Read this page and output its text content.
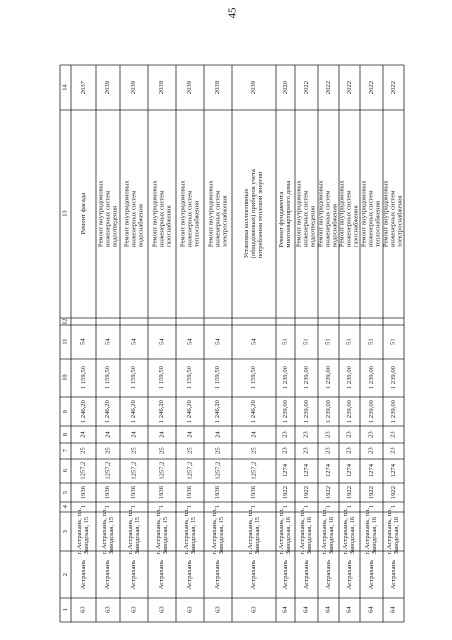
45
1
2
3
4
5
6
7
8
9
10
11
12
13
14
63
Астрахань
г. Астрахань, пл.
Заводская, 15
1
1936
1257,2
25
24
1 246,20
1 159,50
54
Ремонт фасада
2037
63
Астрахань
г. Астрахань, пл.
Заводская, 15
1
1936
1257,2
25
24
1 246,20
1 159,50
54
Ремонт внутридомовых
инженерных систем
водоотведения
2039
63
Астрахань
г. Астрахань, пл.
Заводская, 15
1
1936
1257,2
25
24
1 246,20
1 159,50
54
Ремонт внутридомовых
инженерных систем
водоснабжения
2039
63
Астрахань
г. Астрахань, пл.
Заводская, 15
1
1936
1257,2
25
24
1 246,20
1 159,50
54
Ремонт внутридомовых
инженерных систем
газоснабжения
2039
63
Астрахань
г. Астрахань, пл.
Заводская, 15
1
1936
1257,2
25
24
1 246,20
1 159,50
54
Ремонт внутридомовых
инженерных систем
теплоснабжения
2039
63
Астрахань
г. Астрахань, пл.
Заводская, 15
1
1936
1257,2
25
24
1 246,20
1 159,50
54
Ремонт внутридомовых
инженерных систем
электроснабжения
2039
63
Астрахань
г. Астрахань, пл.
Заводская, 15
1
1936
1257,2
25
24
1 246,20
1 159,50
54
Установка коллективных
(общедомовых) приборов учета
потребления тепловой энергии
2039
64
Астрахань
г. Астрахань, пл.
Заводская, 16
1
1922
1274
23
23
1 239,00
1 239,00
51
Ремонт фундамента
многоквартирного дома
2020
64
Астрахань
г. Астрахань, пл.
Заводская, 16
1
1922
1274
23
23
1 239,00
1 239,00
51
Ремонт внутридомовых
инженерных систем
водоотведения
2022
64
Астрахань
г. Астрахань, пл.
Заводская, 16
1
1922
1274
23
23
1 239,00
1 239,00
51
Ремонт внутридомовых
инженерных систем
водоснабжения
2022
64
Астрахань
г. Астрахань, пл.
Заводская, 16
1
1922
1274
23
23
1 239,00
1 239,00
51
Ремонт внутридомовых
инженерных систем
газоснабжения
2022
64
Астрахань
г. Астрахань, пл.
Заводская, 16
1
1922
1274
23
23
1 239,00
1 239,00
51
Ремонт внутридомовых
инженерных систем
теплоснабжения
2022
64
Астрахань
г. Астрахань, пл.
Заводская, 16
1
1922
1274
23
23
1 239,00
1 239,00
51
Ремонт внутридомовых
инженерных систем
электроснабжения
2022
